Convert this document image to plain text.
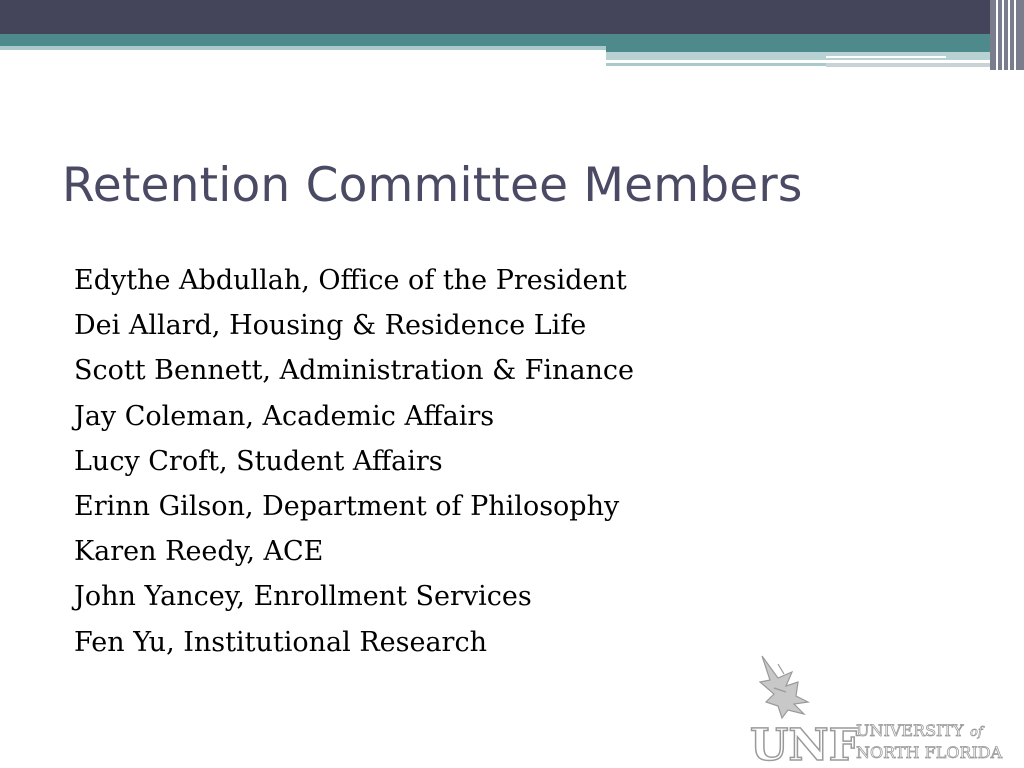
Retention Committee Members
Edythe Abdullah, Office of the President
Dei Allard, Housing & Residence Life
Scott Bennett, Administration & Finance
Jay Coleman, Academic Affairs
Lucy Croft, Student Affairs
Erinn Gilson, Department of Philosophy
Karen Reedy, ACE
John Yancey, Enrollment Services
Fen Yu, Institutional Research
UNF
UNIVERSITY of
NORTH FLORIDA
